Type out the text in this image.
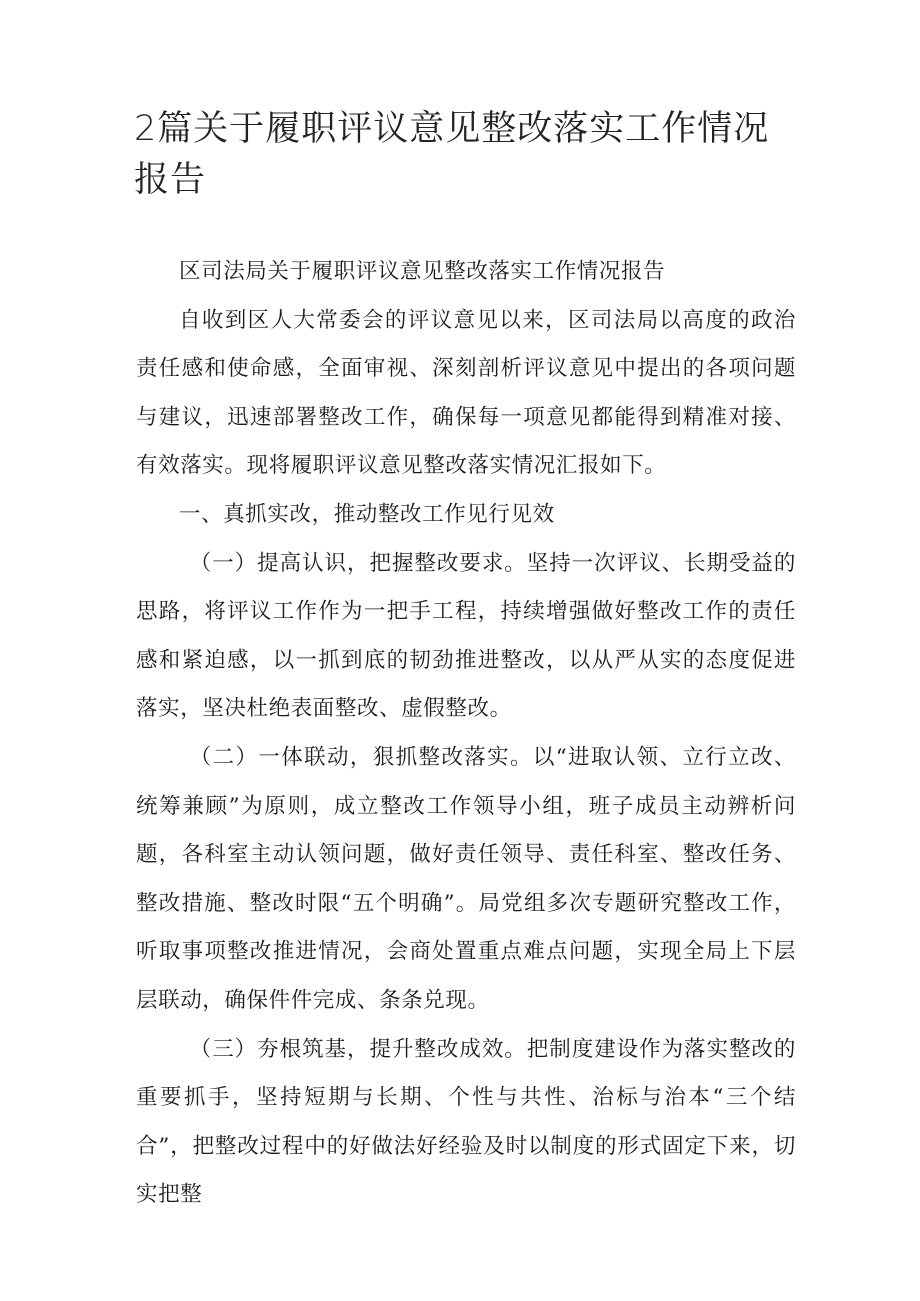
2篇关于履职评议意见整改落实工作情况报告

区司法局关于履职评议意见整改落实工作情况报告

自收到区人大常委会的评议意见以来，区司法局以高度的政治责任感和使命感，全面审视、深刻剖析评议意见中提出的各项问题与建议，迅速部署整改工作，确保每一项意见都能得到精准对接、有效落实。现将履职评议意见整改落实情况汇报如下。

一、真抓实改，推动整改工作见行见效

（一）提高认识，把握整改要求。坚持一次评议、长期受益的思路，将评议工作作为一把手工程，持续增强做好整改工作的责任感和紧迫感，以一抓到底的韧劲推进整改，以从严从实的态度促进落实，坚决杜绝表面整改、虚假整改。

（二）一体联动，狠抓整改落实。以“进取认领、立行立改、统筹兼顾”为原则，成立整改工作领导小组，班子成员主动辨析问题，各科室主动认领问题，做好责任领导、责任科室、整改任务、整改措施、整改时限“五个明确”。局党组多次专题研究整改工作，听取事项整改推进情况，会商处置重点难点问题，实现全局上下层层联动，确保件件完成、条条兑现。

（三）夯根筑基，提升整改成效。把制度建设作为落实整改的重要抓手，坚持短期与长期、个性与共性、治标与治本“三个结合”，把整改过程中的好做法好经验及时以制度的形式固定下来，切实把整
